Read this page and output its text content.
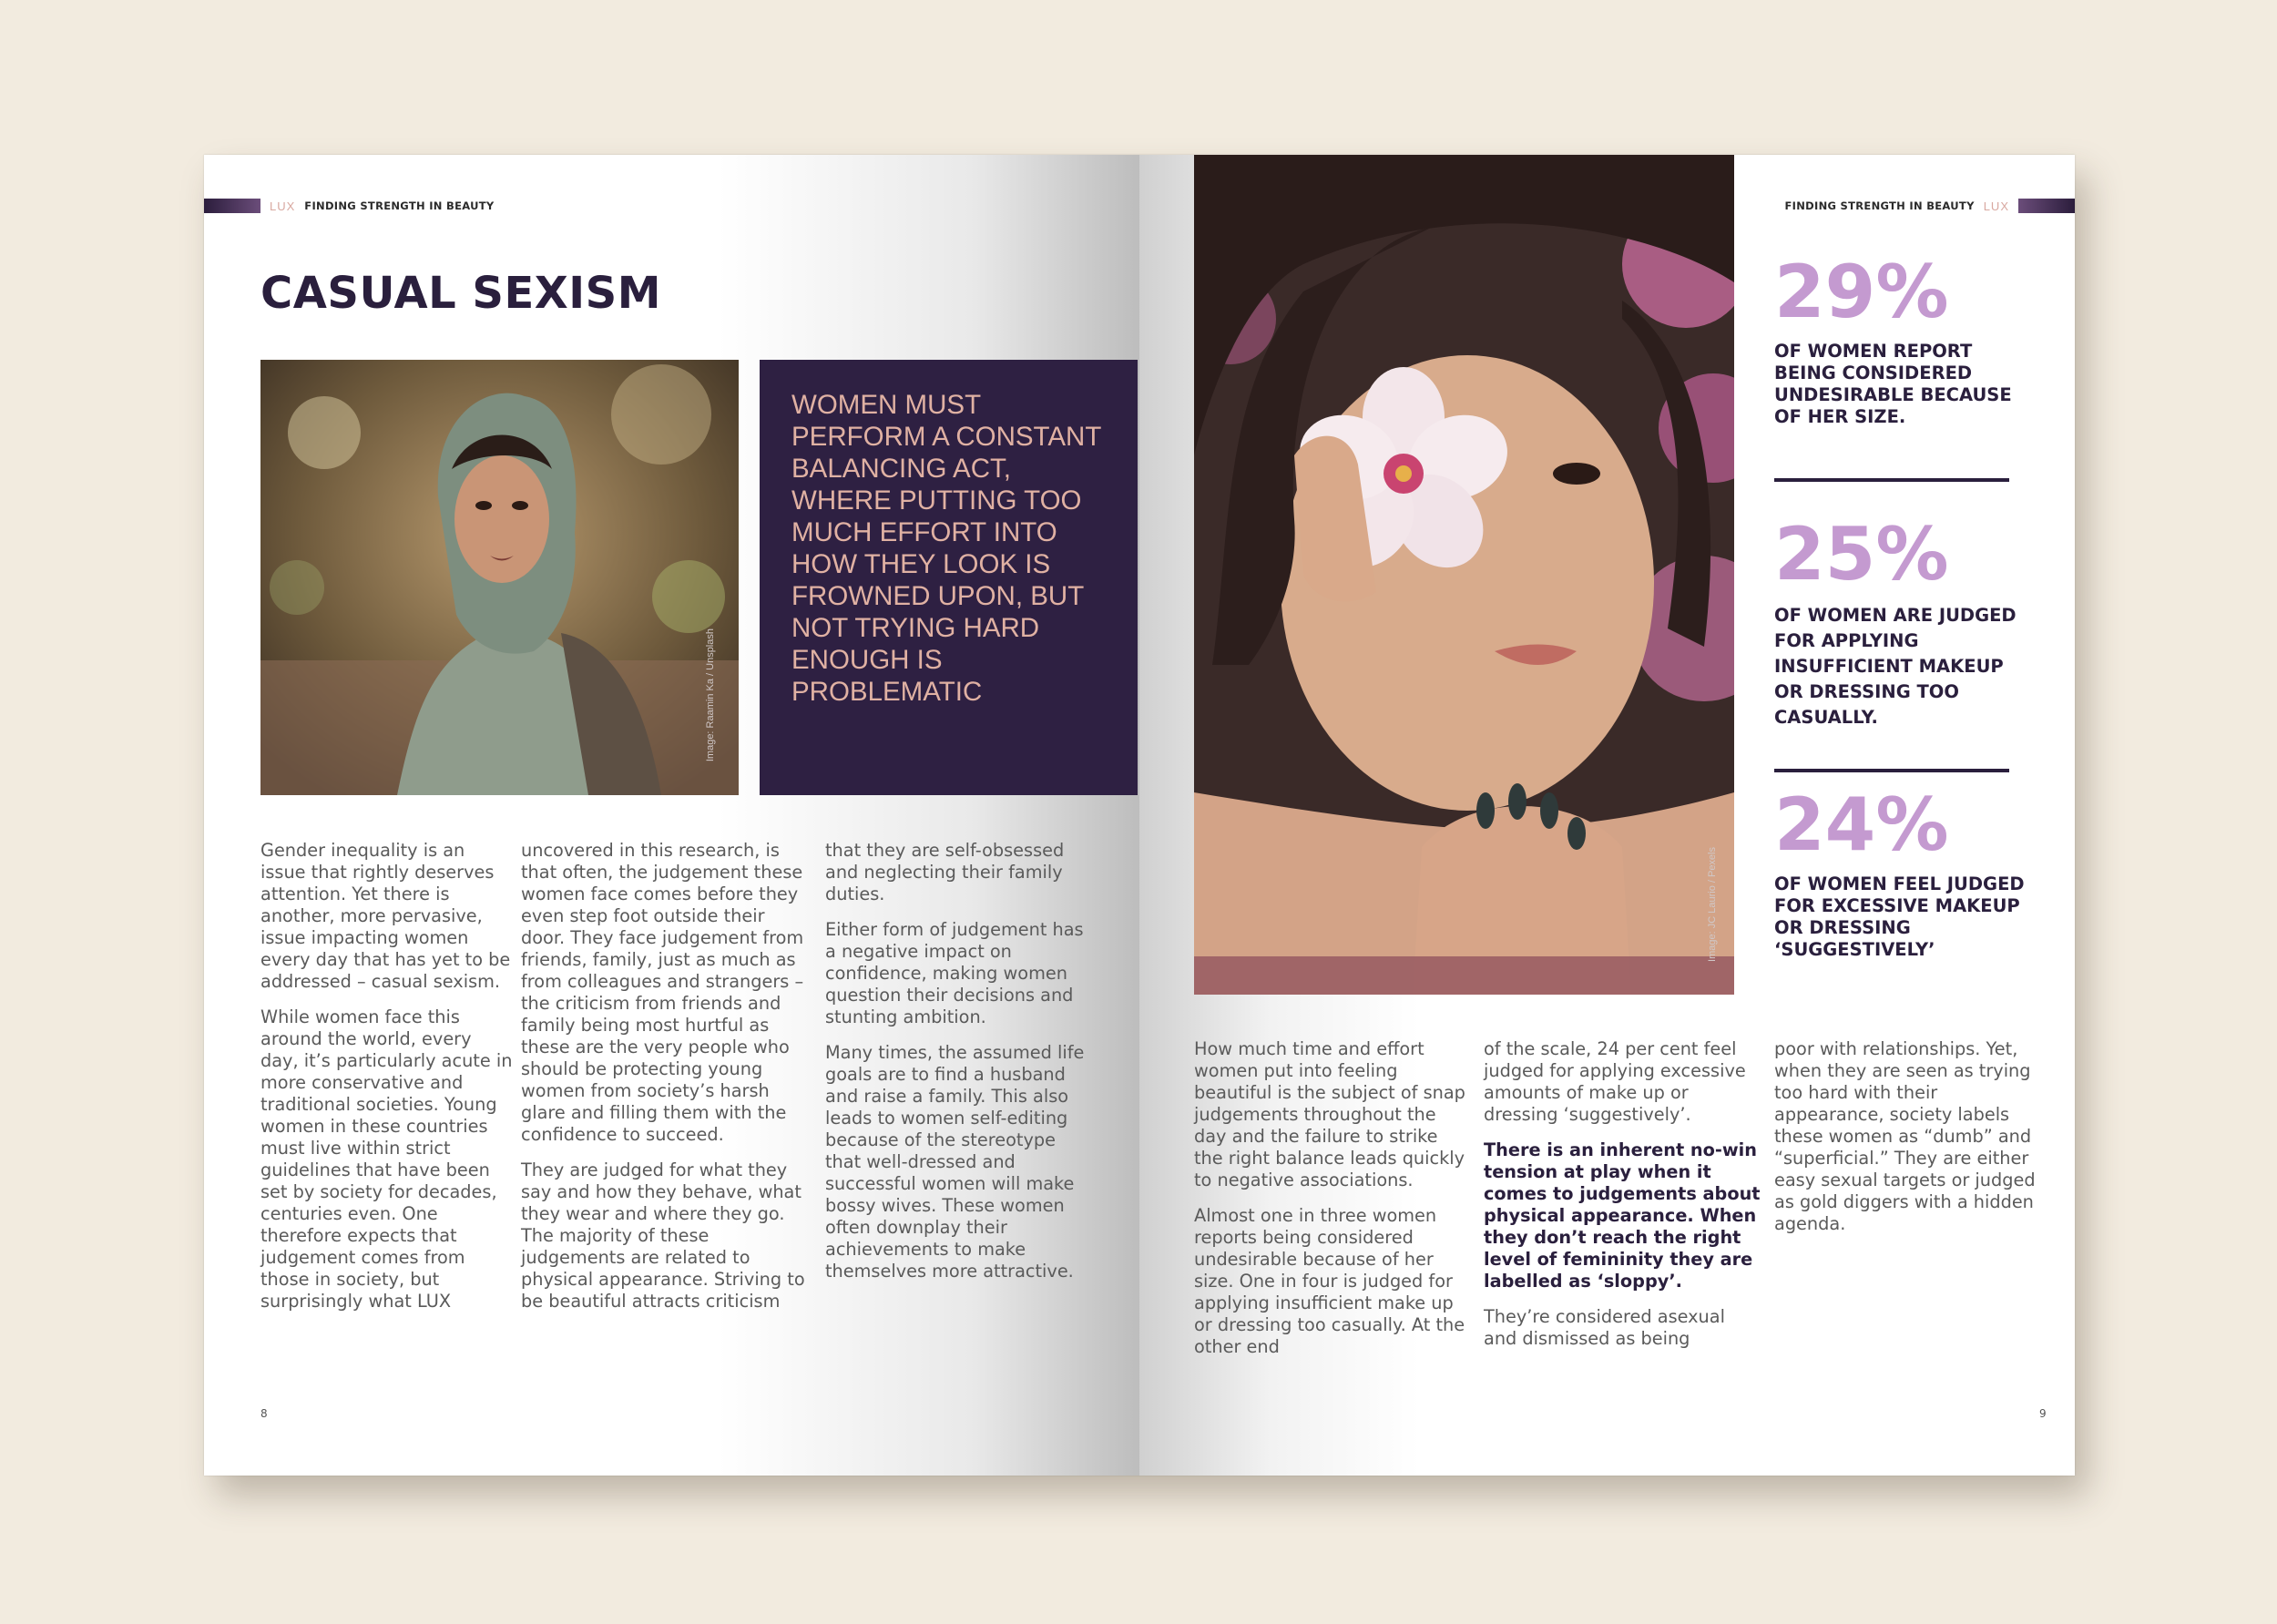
LUX FINDING STRENGTH IN BEAUTY
CASUAL SEXISM
Image: Raamin Ka / Unsplash

WOMEN MUST PERFORM A CONSTANT BALANCING ACT, WHERE PUTTING TOO MUCH EFFORT INTO HOW THEY LOOK IS FROWNED UPON, BUT NOT TRYING HARD ENOUGH IS PROBLEMATIC

Gender inequality is an issue that rightly deserves attention. Yet there is another, more pervasive, issue impacting women every day that has yet to be addressed – casual sexism.

While women face this around the world, every day, it’s particularly acute in more conservative and traditional societies. Young women in these countries must live within strict guidelines that have been set by society for decades, centuries even. One therefore expects that judgement comes from those in society, but surprisingly what LUX

uncovered in this research, is that often, the judgement these women face comes before they even step foot outside their door. They face judgement from friends, family, just as much as from colleagues and strangers – the criticism from friends and family being most hurtful as these are the very people who should be protecting young women from society’s harsh glare and filling them with the confidence to succeed.

They are judged for what they say and how they behave, what they wear and where they go. The majority of these judgements are related to physical appearance. Striving to be beautiful attracts criticism

that they are self-obsessed and neglecting their family duties.

Either form of judgement has a negative impact on confidence, making women question their decisions and stunting ambition.

Many times, the assumed life goals are to find a husband and raise a family. This also leads to women self-editing because of the stereotype that well-dressed and successful women will make bossy wives. These women often downplay their achievements to make themselves more attractive.

8
FINDING STRENGTH IN BEAUTY LUX

How much time and effort women put into feeling beautiful is the subject of snap judgements throughout the day and the failure to strike the right balance leads quickly to negative associations.

Almost one in three women reports being considered undesirable because of her size. One in four is judged for applying insufficient make up or dressing too casually. At the other end

of the scale, 24 per cent feel judged for applying excessive amounts of make up or dressing ‘suggestively’.

There is an inherent no-win tension at play when it comes to judgements about physical appearance. When they don’t reach the right level of femininity they are labelled as ‘sloppy’.

They’re considered asexual and dismissed as being

poor with relationships. Yet, when they are seen as trying too hard with their appearance, society labels these women as “dumb” and “superficial.” They are either easy sexual targets or judged as gold diggers with a hidden agenda.

9
Image: JC Laurio / Pexels

29%

OF WOMEN REPORT BEING CONSIDERED UNDESIRABLE BECAUSE OF HER SIZE.

25%

OF WOMEN ARE JUDGED FOR APPLYING INSUFFICIENT MAKEUP OR DRESSING TOO CASUALLY.

24%

OF WOMEN FEEL JUDGED FOR EXCESSIVE MAKEUP OR DRESSING ‘SUGGESTIVELY’
